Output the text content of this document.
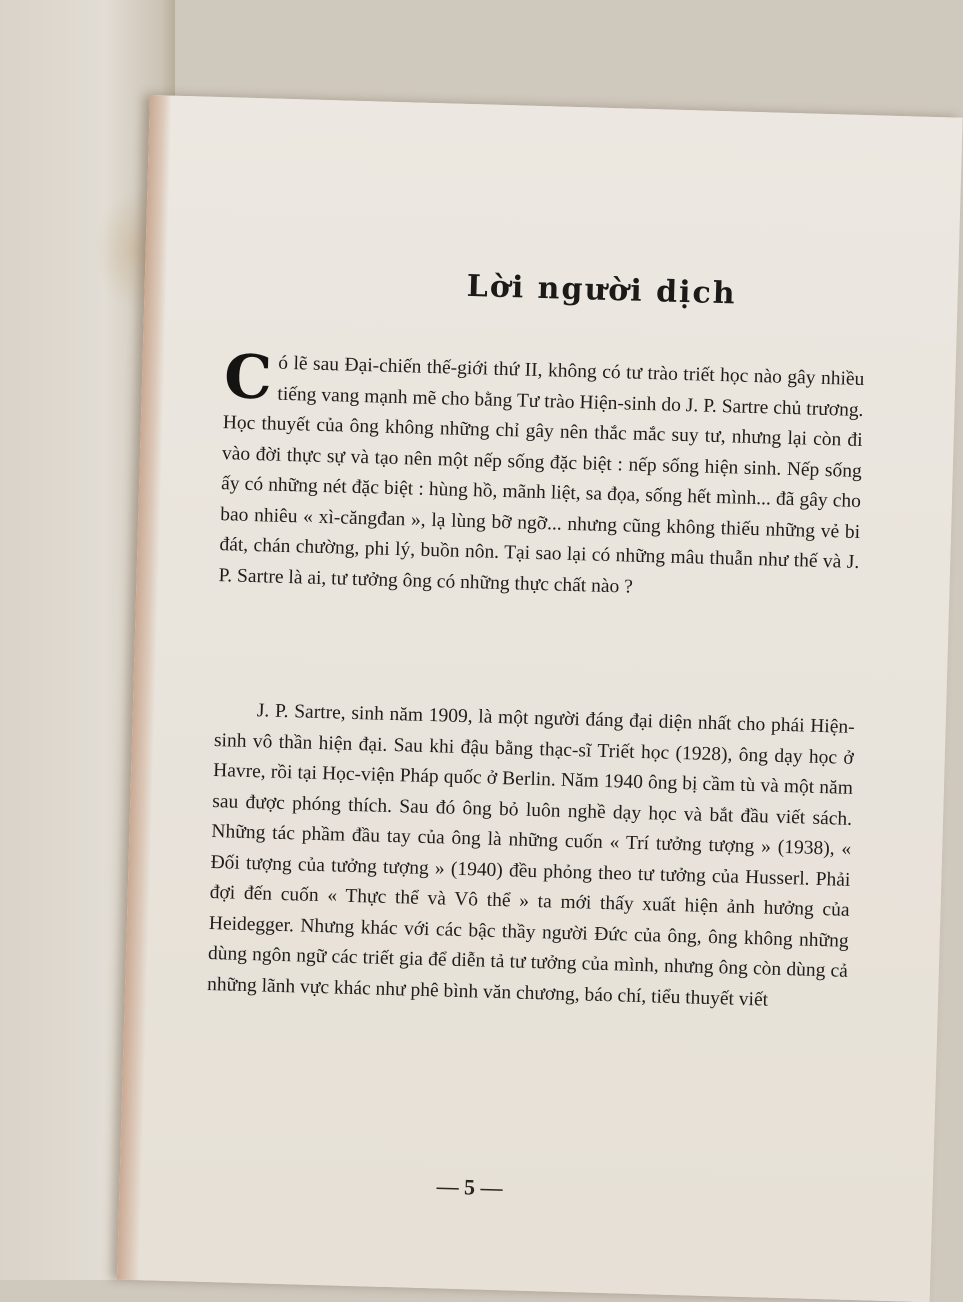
Lời người dịch
C ó lẽ sau Đại-chiến thế-giới thứ II, không có tư trào triết học nào gây nhiều tiếng vang mạnh mẽ cho bằng Tư trào Hiện-sinh do J. P. Sartre chủ trương. Học thuyết của ông không những chỉ gây nên thắc mắc suy tư, nhưng lại còn đi vào đời thực sự và tạo nên một nếp sống đặc biệt : nếp sống hiện sinh. Nếp sống ấy có những nét đặc biệt : hùng hồ, mãnh liệt, sa đọa, sống hết mình... đã gây cho bao nhiêu « xì-căngđan », lạ lùng bỡ ngỡ... nhưng cũng không thiếu những vẻ bi đát, chán chường, phi lý, buồn nôn. Tại sao lại có những mâu thuẫn như thế và J. P. Sartre là ai, tư tưởng ông có những thực chất nào ?
J. P. Sartre, sinh năm 1909, là một người đáng đại diện nhất cho phái Hiện-sinh vô thần hiện đại. Sau khi đậu bằng thạc-sĩ Triết học (1928), ông dạy học ở Havre, rồi tại Học-viện Pháp quốc ở Berlin. Năm 1940 ông bị cầm tù và một năm sau được phóng thích. Sau đó ông bỏ luôn nghề dạy học và bắt đầu viết sách. Những tác phầm đầu tay của ông là những cuốn « Trí tưởng tượng » (1938), « Đối tượng của tưởng tượng » (1940) đều phỏng theo tư tưởng của Husserl. Phải đợi đến cuốn « Thực thể và Vô thể » ta mới thấy xuất hiện ảnh hưởng của Heidegger. Nhưng khác với các bậc thầy người Đức của ông, ông không những dùng ngôn ngữ các triết gia để diễn tả tư tưởng của mình, nhưng ông còn dùng cả những lãnh vực khác như phê bình văn chương, báo chí, tiểu thuyết viết
— 5 —
